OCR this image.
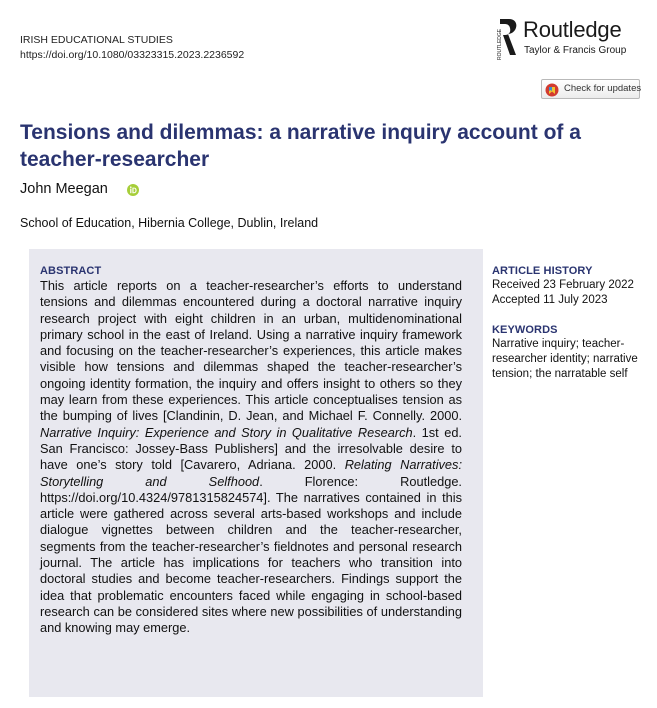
IRISH EDUCATIONAL STUDIES
https://doi.org/10.1080/03323315.2023.2236592	ROUTLEDGE Routledge
Taylor & Francis Group
Check for updates
Tensions and dilemmas: a narrative inquiry account of a teacher-researcher
John Meegan
School of Education, Hibernia College, Dublin, Ireland
ABSTRACT

This article reports on a teacher-researcher’s efforts to understand tensions and dilemmas encountered during a doctoral narrative inquiry research project with eight children in an urban, multidenominational primary school in the east of Ireland. Using a narrative inquiry framework and focusing on the teacher-researcher’s experiences, this article makes visible how tensions and dilemmas shaped the teacher-researcher’s ongoing identity formation, the inquiry and offers insight to others so they may learn from these experiences. This article conceptualises tension as the bumping of lives [Clandinin, D. Jean, and Michael F. Connelly. 2000. Narrative Inquiry: Experience and Story in Qualitative Research. 1st ed. San Francisco: Jossey-Bass Publishers] and the irresolvable desire to have one’s story told [Cavarero, Adriana. 2000. Relating Narratives: Storytelling and Selfhood. Florence: Routledge. https://doi.org/10.4324/9781315824574]. The narratives contained in this article were gathered across several arts-based workshops and include dialogue vignettes between children and the teacher-researcher, segments from the teacher-researcher’s fieldnotes and personal research journal. The article has implications for teachers who transition into doctoral studies and become teacher-researchers. Findings support the idea that problematic encounters faced while engaging in school-based research can be considered sites where new possibilities of understanding and knowing may emerge.

ARTICLE HISTORY
Received 23 February 2022
Accepted 11 July 2023
KEYWORDS
Narrative inquiry; teacher-researcher identity; narrative tension; the narratable self
